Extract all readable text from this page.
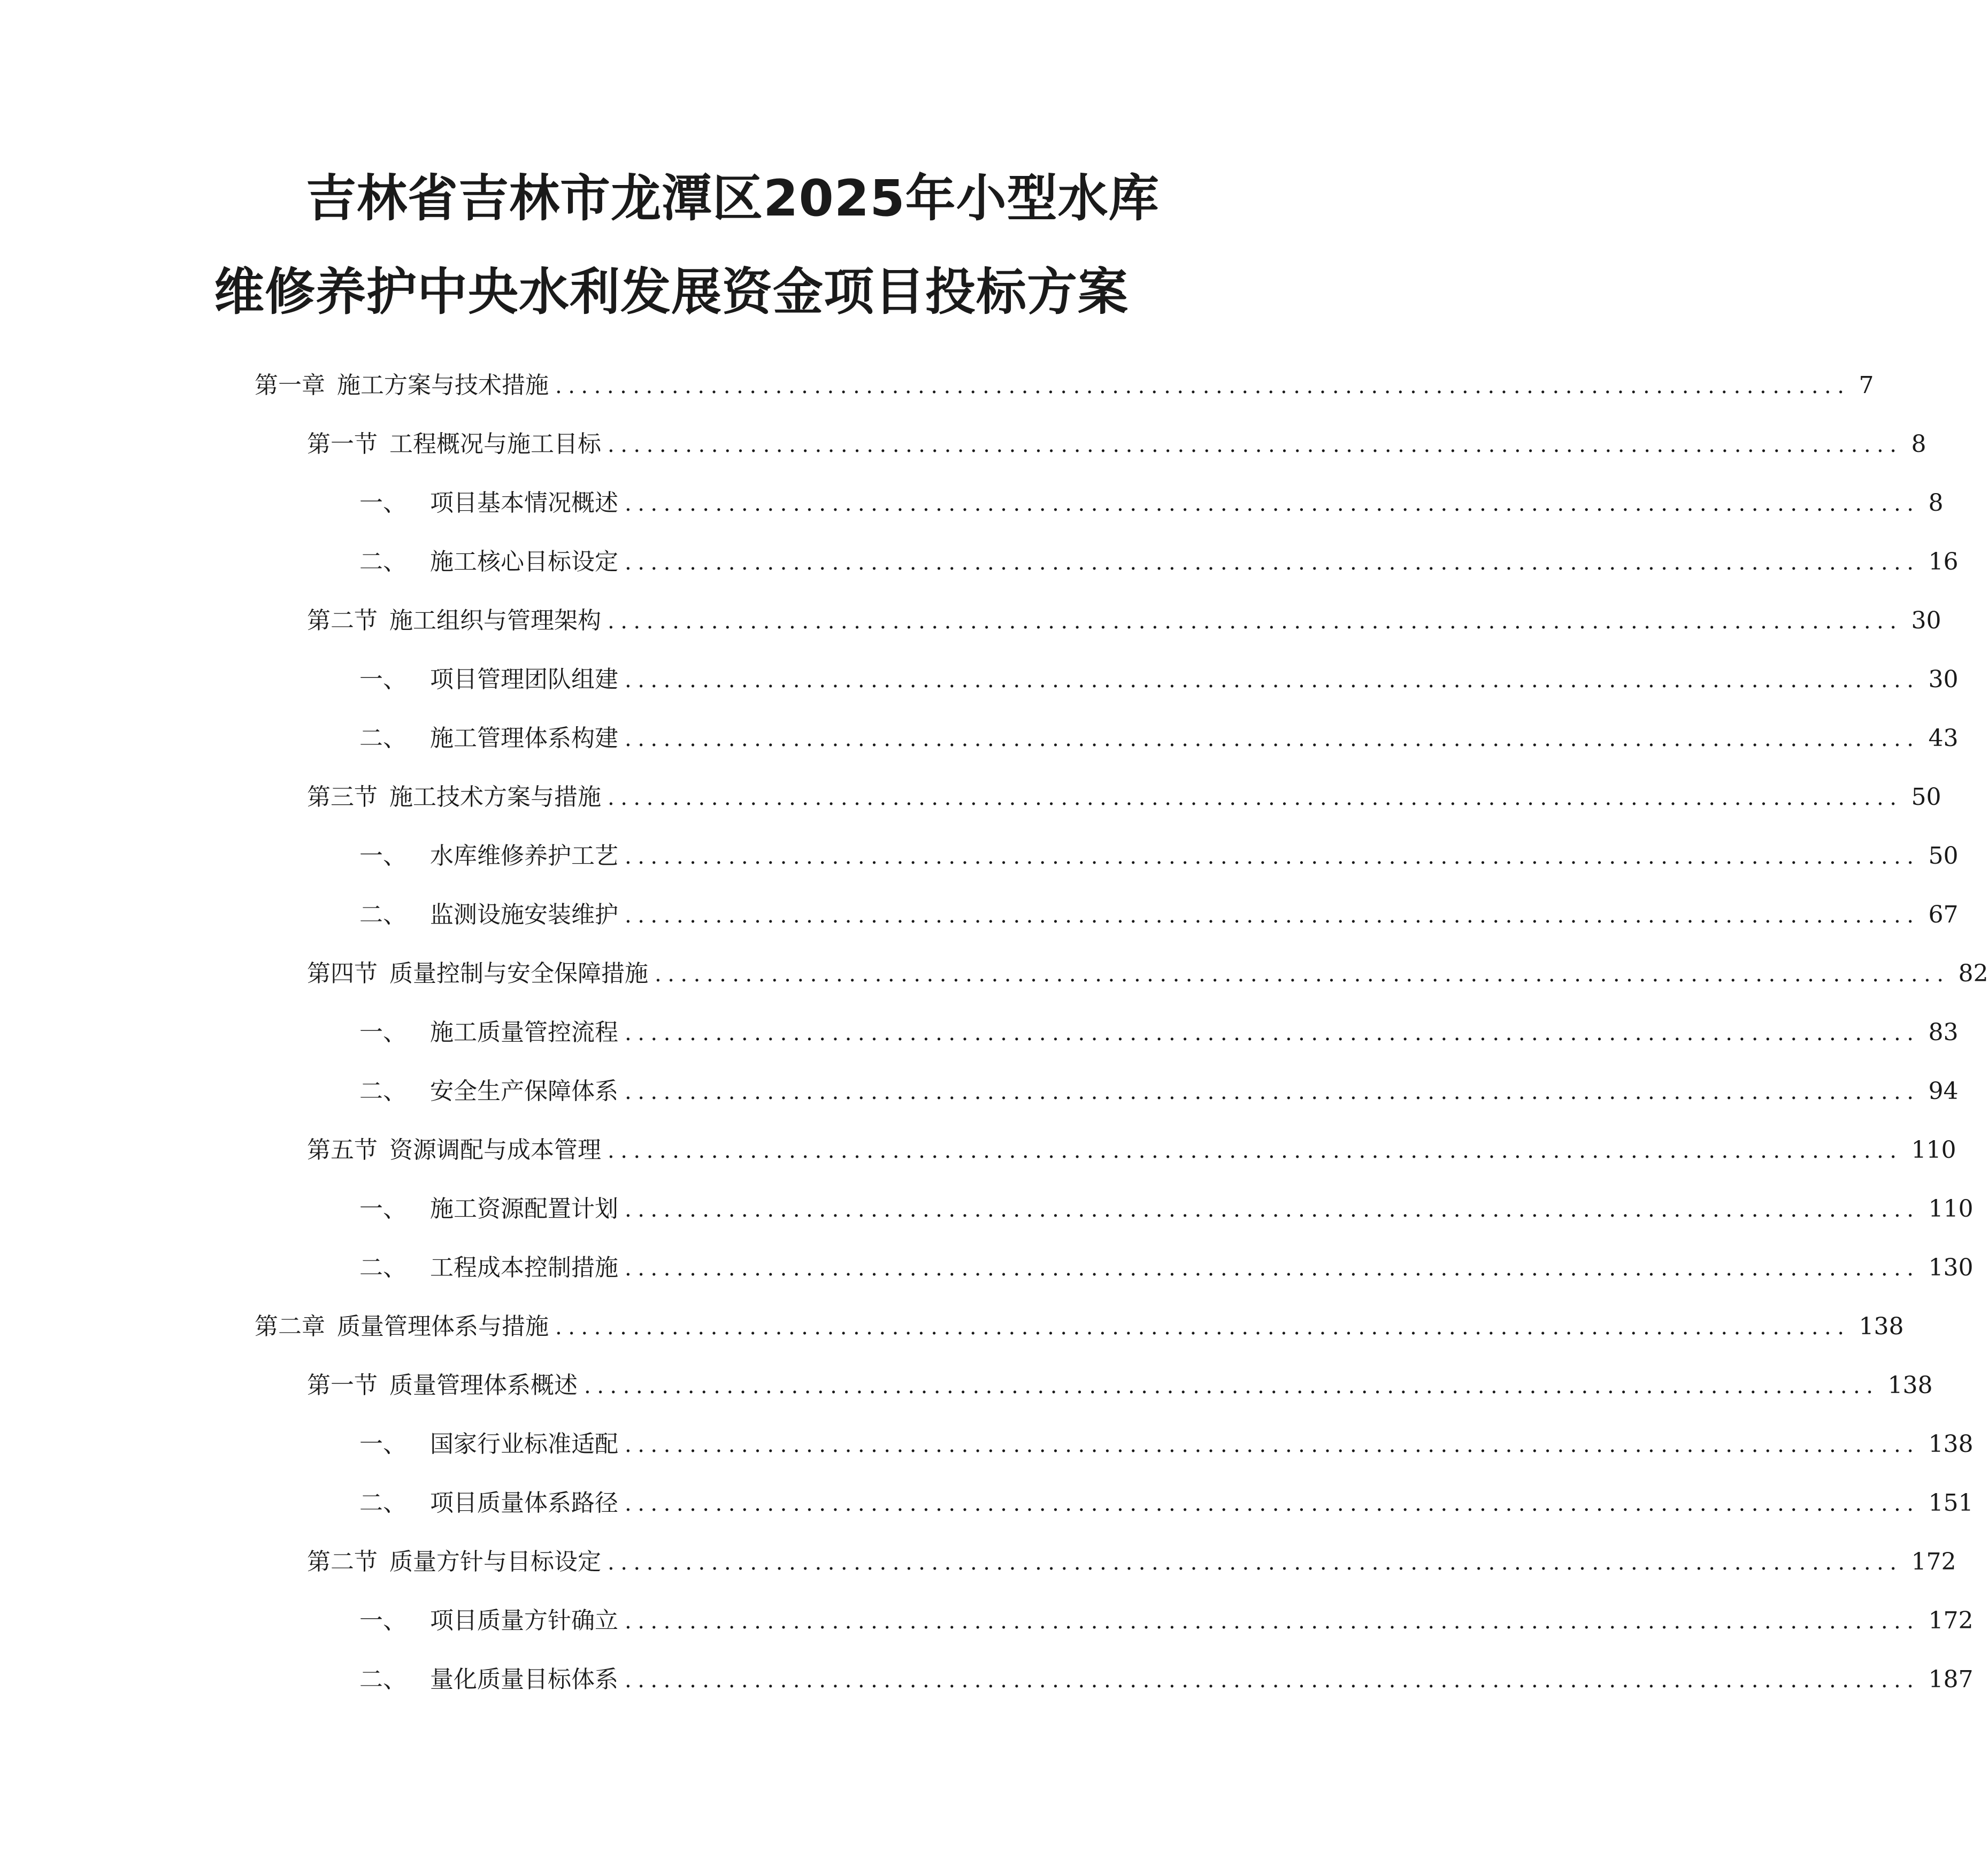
吉林省吉林市龙潭区2025年小型水库
维修养护中央水利发展资金项目投标方案
第一章 施工方案与技术措施 .................................................................................................... 7
第一节 工程概况与施工目标 .................................................................................................... 8
一、 项目基本情况概述 .................................................................................................... 8
二、 施工核心目标设定 .................................................................................................... 16
第二节 施工组织与管理架构 .................................................................................................... 30
一、 项目管理团队组建 .................................................................................................... 30
二、 施工管理体系构建 .................................................................................................... 43
第三节 施工技术方案与措施 .................................................................................................... 50
一、 水库维修养护工艺 .................................................................................................... 50
二、 监测设施安装维护 .................................................................................................... 67
第四节 质量控制与安全保障措施 .................................................................................................... 82
一、 施工质量管控流程 .................................................................................................... 83
二、 安全生产保障体系 .................................................................................................... 94
第五节 资源调配与成本管理 .................................................................................................... 110
一、 施工资源配置计划 .................................................................................................... 110
二、 工程成本控制措施 .................................................................................................... 130
第二章 质量管理体系与措施 .................................................................................................... 138
第一节 质量管理体系概述 .................................................................................................... 138
一、 国家行业标准适配 .................................................................................................... 138
二、 项目质量体系路径 .................................................................................................... 151
第二节 质量方针与目标设定 .................................................................................................... 172
一、 项目质量方针确立 .................................................................................................... 172
二、 量化质量目标体系 .................................................................................................... 187
